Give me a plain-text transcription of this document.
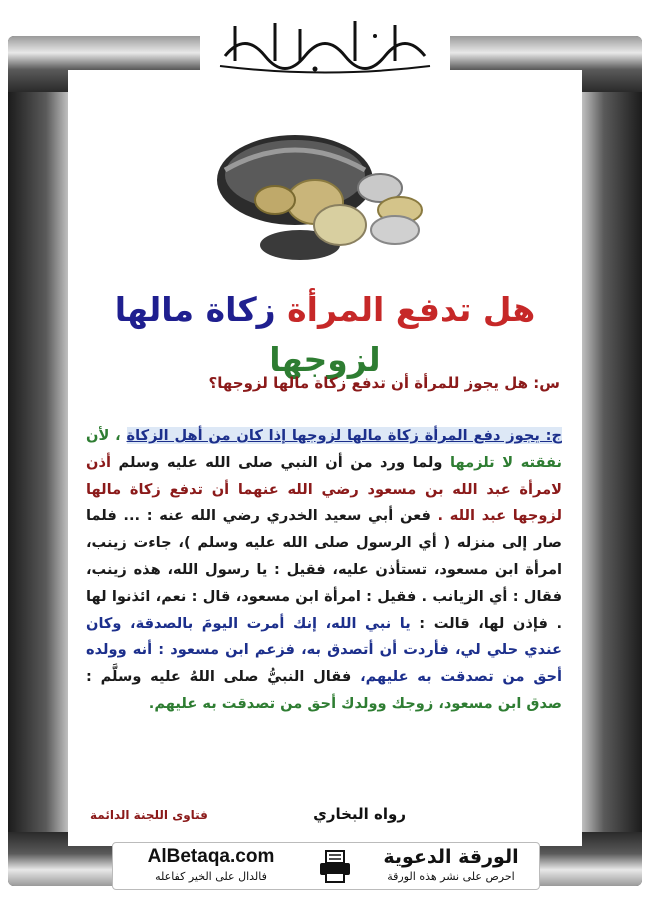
هل تدفع المرأة زكاة مالها لزوجها
س: هل يجوز للمرأة أن تدفع زكاة مالها لزوجها؟
ج: يجوز دفع المرأة زكاة مالها لزوجها إذا كان من أهل الزكاة ، لأن نفقته لا تلزمها ولما ورد من أن النبي صلى الله عليه وسلم أذن لامرأة عبد الله بن مسعود رضي الله عنهما أن تدفع زكاة مالها لزوجها عبد الله . فعن أبي سعيد الخدري رضي الله عنه : ... فلما صار إلى منزله ( أي الرسول صلى الله عليه وسلم )، جاءت زينب، امرأة ابن مسعود، تستأذن عليه، فقيل : يا رسول الله، هذه زينب، فقال : أي الزيانب . فقيل : امرأة ابن مسعود، قال : نعم، ائذنوا لها . فإذن لها، قالت : يا نبي الله، إنك أمرت اليومَ بالصدقة، وكان عندي حلي لي، فأردت أن أتصدق به، فزعم ابن مسعود : أنه وولده أحق من تصدقت به عليهم، فقال النبيُّ صلى اللهُ عليه وسلَّم : صدق ابن مسعود، زوجك وولدك أحق من تصدقت به عليهم.
رواه البخاري
فتاوى اللجنة الدائمة
الورقة الدعوية
احرص على نشر هذه الورقة
AlBetaqa.com
فالدال على الخير كفاعله
